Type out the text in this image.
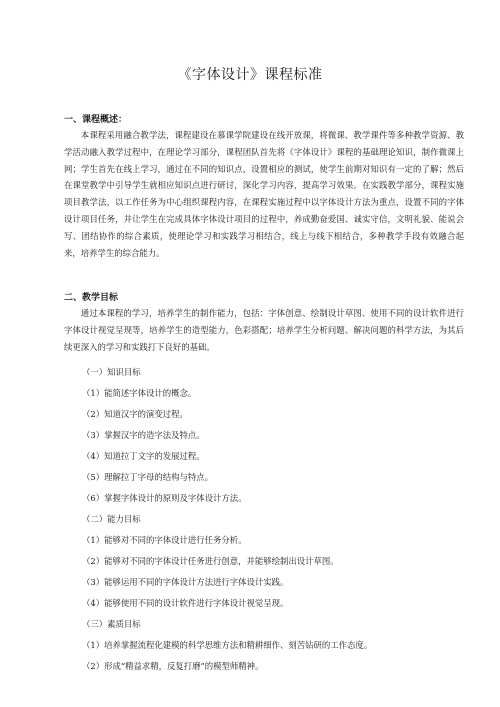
《字体设计》课程标准
一、课程概述：

本课程采用融合教学法，课程建设在慕课学院建设在线开放课，将微课、教学课件等多种教学资源、教学活动融入教学过程中，在理论学习部分，课程团队首先将《字体设计》课程的基础理论知识，制作微课上网；学生首先在线上学习，通过在不同的知识点，设置相应的测试，使学生前期对知识有一定的了解；然后在课堂教学中引导学生就相应知识点进行研讨，深化学习内容，提高学习效果。在实践教学部分，课程实施项目教学法，以工作任务为中心组织课程内容，在课程实施过程中以字体设计方法为重点，设置不同的字体设计项目任务，并让学生在完成具体字体设计项目的过程中，养成勤奋爱国、诚实守信，文明礼貌、能说会写、团结协作的综合素质，使理论学习和实践学习相结合，线上与线下相结合，多种教学手段有效融合起来，培养学生的综合能力。

二、教学目标

通过本课程的学习，培养学生的制作能力，包括：字体创意、绘制设计草图、使用不同的设计软件进行字体设计视觉呈现等，培养学生的造型能力，色彩搭配；培养学生分析问题、解决问题的科学方法，为其后续更深入的学习和实践打下良好的基础。

（一）知识目标
（1）能简述字体设计的概念。
（2）知道汉字的演变过程。
（3）掌握汉字的造字法及特点。
（4）知道拉丁文字的发展过程。
（5）理解拉丁字母的结构与特点。
（6）掌握字体设计的原则及字体设计方法。
（二）能力目标
（1）能够对不同的字体设计进行任务分析。
（2）能够对不同的字体设计任务进行创意，并能够绘制出设计草图。
（3）能够运用不同的字体设计方法进行字体设计实践。
（4）能够使用不同的设计软件进行字体设计视觉呈现。
（三）素质目标
（1）培养掌握流程化建模的科学思维方法和精耕细作、刻苦钻研的工作态度。
（2）形成“精益求精，反复打磨”的模型师精神。
